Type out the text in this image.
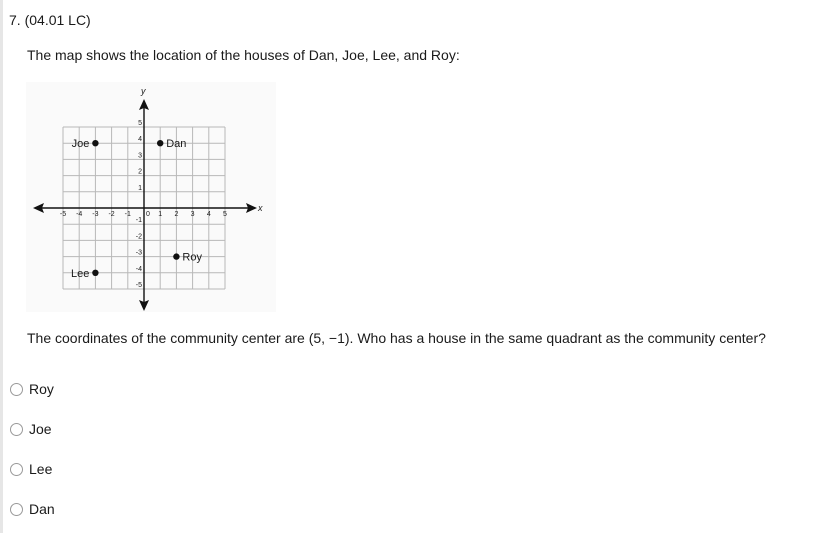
7. (04.01 LC)
The map shows the location of the houses of Dan, Joe, Lee, and Roy:
x
y
-5 -4 -3 -2 -1 0 1 2 3 4 5
-5
-4
-3
-2
-1
1
2
3
4
5
Joe	Dan
Roy
Lee
The coordinates of the community center are (5, −1). Who has a house in the same quadrant as the community center?
Roy
Joe
Lee
Dan
